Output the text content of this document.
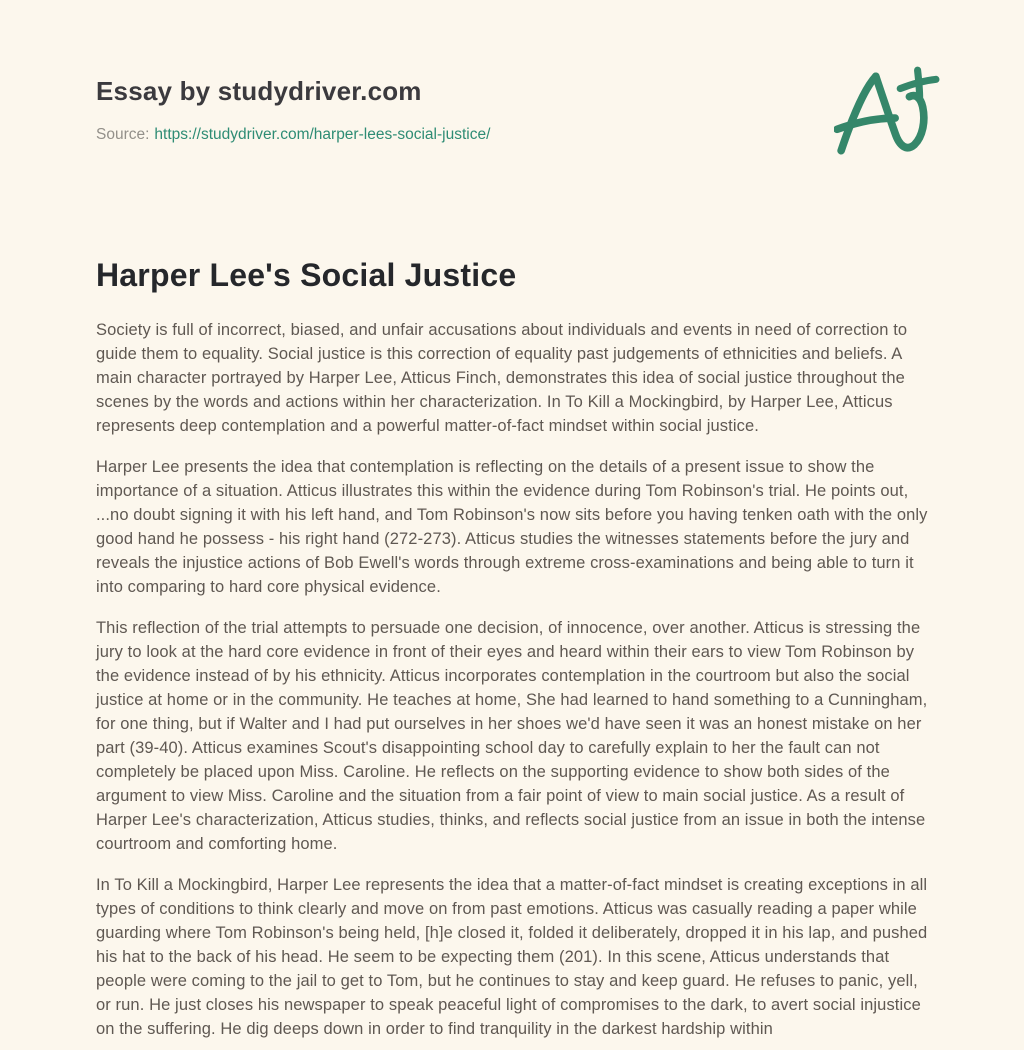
Essay by studydriver.com

Source: https://studydriver.com/harper-lees-social-justice/

Harper Lee's Social Justice

Society is full of incorrect, biased, and unfair accusations about individuals and events in need of correction to guide them to equality. Social justice is this correction of equality past judgements of ethnicities and beliefs. A main character portrayed by Harper Lee, Atticus Finch, demonstrates this idea of social justice throughout the scenes by the words and actions within her characterization. In To Kill a Mockingbird, by Harper Lee, Atticus represents deep contemplation and a powerful matter-of-fact mindset within social justice.

Harper Lee presents the idea that contemplation is reflecting on the details of a present issue to show the importance of a situation. Atticus illustrates this within the evidence during Tom Robinson's trial. He points out, ...no doubt signing it with his left hand, and Tom Robinson's now sits before you having tenken oath with the only good hand he possess - his right hand (272-273). Atticus studies the witnesses statements before the jury and reveals the injustice actions of Bob Ewell's words through extreme cross-examinations and being able to turn it into comparing to hard core physical evidence.

This reflection of the trial attempts to persuade one decision, of innocence, over another. Atticus is stressing the jury to look at the hard core evidence in front of their eyes and heard within their ears to view Tom Robinson by the evidence instead of by his ethnicity. Atticus incorporates contemplation in the courtroom but also the social justice at home or in the community. He teaches at home, She had learned to hand something to a Cunningham, for one thing, but if Walter and I had put ourselves in her shoes we'd have seen it was an honest mistake on her part (39-40). Atticus examines Scout's disappointing school day to carefully explain to her the fault can not completely be placed upon Miss. Caroline. He reflects on the supporting evidence to show both sides of the argument to view Miss. Caroline and the situation from a fair point of view to main social justice. As a result of Harper Lee's characterization, Atticus studies, thinks, and reflects social justice from an issue in both the intense courtroom and comforting home.

In To Kill a Mockingbird, Harper Lee represents the idea that a matter-of-fact mindset is creating exceptions in all types of conditions to think clearly and move on from past emotions. Atticus was casually reading a paper while guarding where Tom Robinson's being held, [h]e closed it, folded it deliberately, dropped it in his lap, and pushed his hat to the back of his head. He seem to be expecting them (201). In this scene, Atticus understands that people were coming to the jail to get to Tom, but he continues to stay and keep guard. He refuses to panic, yell, or run. He just closes his newspaper to speak peaceful light of compromises to the dark, to avert social injustice on the suffering. He dig deeps down in order to find tranquility in the darkest hardship within
